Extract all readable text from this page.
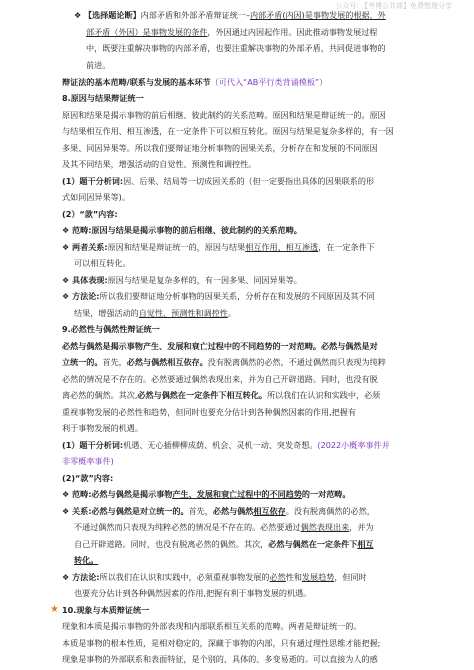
公众号: 【考博公共课】免费整理分享
❖ 【选择题论断】内部矛盾和外部矛盾辩证统一–内部矛盾(内因)是事物发展的根据，外
部矛盾（外因）是事物发展的条件，外因通过内因起作用。因此推动事物发展过程
中，既要注重解决事物的内部矛盾，也要注重解决事物的外部矛盾，共同促进事物的
前进。
辩证法的基本范畴/联系与发展的基本环节（可代入“AB平行类背诵模板”）
8.原因与结果辩证统一
原因和结果是揭示事物的前后相继、彼此制约的关系范畴。原因和结果是辩证统一的。原因
与结果相互作用、相互渗透，在一定条件下可以相互转化。原因与结果是复杂多样的，有一因
多果、同因异果等。所以我们要辩证地分析事物的因果关系，分析存在和发展的不同原因
及其不同结果，增强活动的自觉性、预测性和调控性。
(1）题干分析词:因、后果、结局等一切成因关系的（但一定要指出具体的因果联系的形
式如同因异果等)。
(2）“款”内容:
❖ 范畴:原因与结果是揭示事物的前后相继、彼此制约的关系范畴。
❖ 两者关系:原因和结果是辩证统一的，原因与结果相互作用、相互渗透，在一定条件下
可以相互转化。
❖ 具体表现:原因与结果是复杂多样的，有一因多果、同因异果等。
❖ 方法论:所以我们要辩证地分析事物的因果关系，分析存在和发展的不同原因及其不同
结果，增强活动的自觉性、预测性和调控性。
9.必然性与偶然性辩证统一
必然与偶然是揭示事物产生、发展和衰亡过程中的不同趋势的一对范畴。必然与偶然是对
立统一的。首先，必然与偶然相互依存。没有脱离偶然的必然，不通过偶然而只表现为纯粹
必然的情况是不存在的。必然要通过偶然表现出来，并为自己开辟道路。同时，也没有脱
离必然的偶然。其次,必然与偶然在一定条件下相互转化。所以我们在认识和实践中，必须
重视事物发展的必然性和趋势，但同时也要充分估计到各种偶然因素的作用,把握有
利于事物发展的机遇。
(1）题干分析词:机遇、无心插柳柳成荫、机会、灵机一动、突发奇想。(2022小概率事件并
非零概率事件)
(2)“款”内容:
❖ 范畴:必然与偶然是揭示事物产生、发展和衰亡过程中的不同趋势的一对范畴。
❖ 关系:必然与偶然是对立统一的。首先，必然与偶然相互依存。没有脱离偶然的必然，
不通过偶然而只表现为纯粹必然的情况是不存在的。必然要通过偶然表现出来，并为
自己开辟道路。同时，也没有脱离必然的偶然。其次，必然与偶然在一定条件下相互
转化。
❖ 方法论:所以我们在认识和实践中，必须重视事物发展的必然性和发展趋势，但同时
也要充分估计到各种偶然因素的作用,把握有利于事物发展的机遇。
★ 10.现象与本质辩证统一
现象和本质是揭示事物的外部表现和内部联系相互关系的范畴。两者是辩证统一的。
本质是事物的根本性质，是相对稳定的，深藏于事物的内部，只有通过理性思维才能把握;
现象是事物的外部联系和表面特征，是个别的、具体的、多变易逝的。可以直接为人的感
